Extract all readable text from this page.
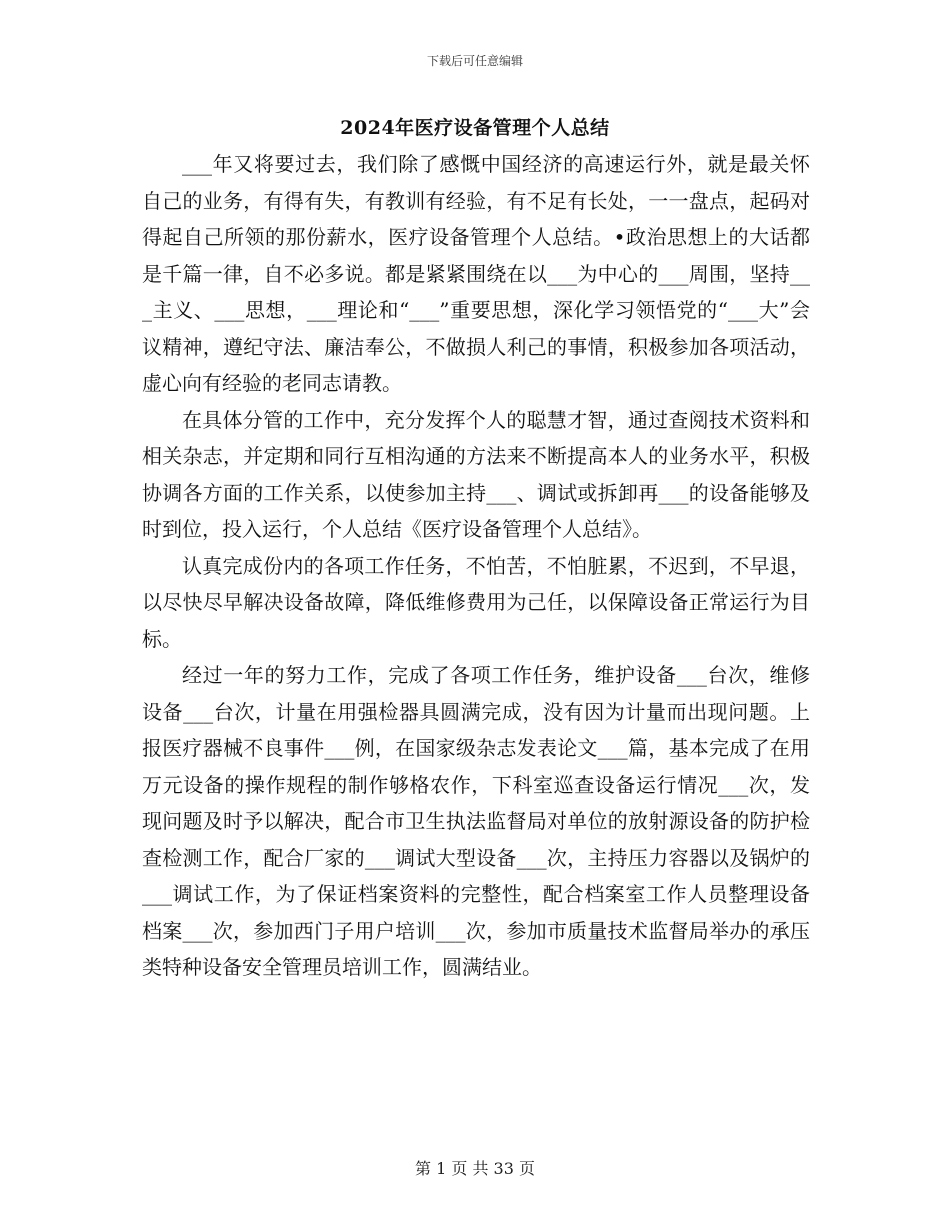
下载后可任意编辑
2024年医疗设备管理个人总结

___年又将要过去，我们除了感慨中国经济的高速运行外，就是最关怀自己的业务，有得有失，有教训有经验，有不足有长处，一一盘点，起码对得起自己所领的那份薪水，医疗设备管理个人总结。•政治思想上的大话都是千篇一律，自不必多说。都是紧紧围绕在以___为中心的___周围，坚持___主义、___思想，___理论和“___”重要思想，深化学习领悟党的“___大”会议精神，遵纪守法、廉洁奉公，不做损人利己的事情，积极参加各项活动，虚心向有经验的老同志请教。

在具体分管的工作中，充分发挥个人的聪慧才智，通过查阅技术资料和相关杂志，并定期和同行互相沟通的方法来不断提高本人的业务水平，积极协调各方面的工作关系，以使参加主持___、调试或拆卸再___的设备能够及时到位，投入运行，个人总结《医疗设备管理个人总结》。

认真完成份内的各项工作任务，不怕苦，不怕脏累，不迟到，不早退，以尽快尽早解决设备故障，降低维修费用为己任，以保障设备正常运行为目标。

经过一年的努力工作，完成了各项工作任务，维护设备___台次，维修设备___台次，计量在用强检器具圆满完成，没有因为计量而出现问题。上报医疗器械不良事件___例，在国家级杂志发表论文___篇，基本完成了在用万元设备的操作规程的制作够格农作，下科室巡查设备运行情况___次，发现问题及时予以解决，配合市卫生执法监督局对单位的放射源设备的防护检查检测工作，配合厂家的___调试大型设备___次，主持压力容器以及锅炉的___调试工作，为了保证档案资料的完整性，配合档案室工作人员整理设备档案___次，参加西门子用户培训___次，参加市质量技术监督局举办的承压类特种设备安全管理员培训工作，圆满结业。

第 1 页 共 33 页
